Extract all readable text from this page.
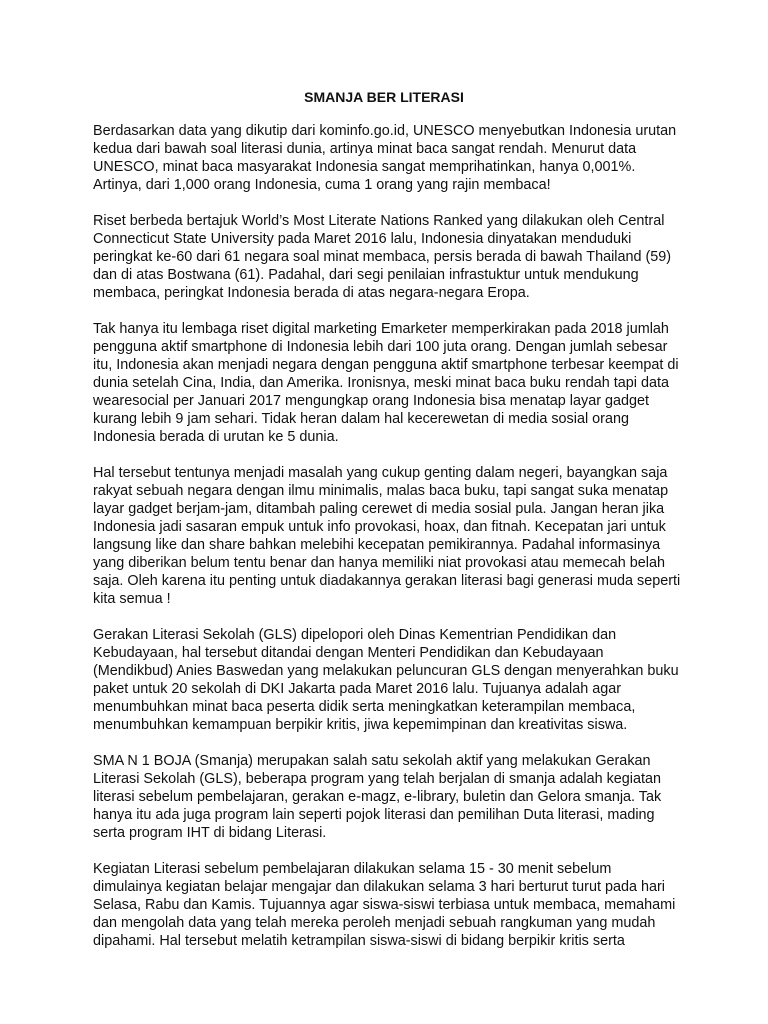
SMANJA BER LITERASI
Berdasarkan data yang dikutip dari kominfo.go.id, UNESCO menyebutkan Indonesia urutan
kedua dari bawah soal literasi dunia, artinya minat baca sangat rendah. Menurut data
UNESCO, minat baca masyarakat Indonesia sangat memprihatinkan, hanya 0,001%.
Artinya, dari 1,000 orang Indonesia, cuma 1 orang yang rajin membaca!
Riset berbeda bertajuk World’s Most Literate Nations Ranked yang dilakukan oleh Central
Connecticut State University pada Maret 2016 lalu, Indonesia dinyatakan menduduki
peringkat ke-60 dari 61 negara soal minat membaca, persis berada di bawah Thailand (59)
dan di atas Bostwana (61). Padahal, dari segi penilaian infrastuktur untuk mendukung
membaca, peringkat Indonesia berada di atas negara-negara Eropa.
Tak hanya itu lembaga riset digital marketing Emarketer memperkirakan pada 2018 jumlah
pengguna aktif smartphone di Indonesia lebih dari 100 juta orang. Dengan jumlah sebesar
itu, Indonesia akan menjadi negara dengan pengguna aktif smartphone terbesar keempat di
dunia setelah Cina, India, dan Amerika. Ironisnya, meski minat baca buku rendah tapi data
wearesocial per Januari 2017 mengungkap orang Indonesia bisa menatap layar gadget
kurang lebih 9 jam sehari. Tidak heran dalam hal kecerewetan di media sosial orang
Indonesia berada di urutan ke 5 dunia.
Hal tersebut tentunya menjadi masalah yang cukup genting dalam negeri, bayangkan saja
rakyat sebuah negara dengan ilmu minimalis, malas baca buku, tapi sangat suka menatap
layar gadget berjam-jam, ditambah paling cerewet di media sosial pula. Jangan heran jika
Indonesia jadi sasaran empuk untuk info provokasi, hoax, dan fitnah. Kecepatan jari untuk
langsung like dan share bahkan melebihi kecepatan pemikirannya. Padahal informasinya
yang diberikan belum tentu benar dan hanya memiliki niat provokasi atau memecah belah
saja. Oleh karena itu penting untuk diadakannya gerakan literasi bagi generasi muda seperti
kita semua !
Gerakan Literasi Sekolah (GLS) dipelopori oleh Dinas Kementrian Pendidikan dan
Kebudayaan, hal tersebut ditandai dengan Menteri Pendidikan dan Kebudayaan
(Mendikbud) Anies Baswedan yang melakukan peluncuran GLS dengan menyerahkan buku
paket untuk 20 sekolah di DKI Jakarta pada Maret 2016 lalu. Tujuanya adalah agar
menumbuhkan minat baca peserta didik serta meningkatkan keterampilan membaca,
menumbuhkan kemampuan berpikir kritis, jiwa kepemimpinan dan kreativitas siswa.
SMA N 1 BOJA (Smanja) merupakan salah satu sekolah aktif yang melakukan Gerakan
Literasi Sekolah (GLS), beberapa program yang telah berjalan di smanja adalah kegiatan
literasi sebelum pembelajaran, gerakan e-magz, e-library, buletin dan Gelora smanja. Tak
hanya itu ada juga program lain seperti pojok literasi dan pemilihan Duta literasi, mading
serta program IHT di bidang Literasi.
Kegiatan Literasi sebelum pembelajaran dilakukan selama 15 - 30 menit sebelum
dimulainya kegiatan belajar mengajar dan dilakukan selama 3 hari berturut turut pada hari
Selasa, Rabu dan Kamis. Tujuannya agar siswa-siswi terbiasa untuk membaca, memahami
dan mengolah data yang telah mereka peroleh menjadi sebuah rangkuman yang mudah
dipahami. Hal tersebut melatih ketrampilan siswa-siswi di bidang berpikir kritis serta
